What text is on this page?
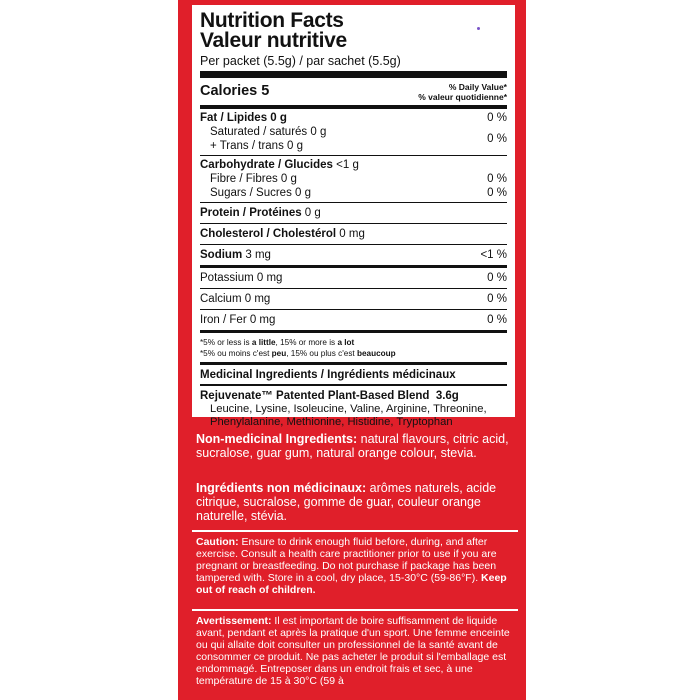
Nutrition Facts
Valeur nutritive
Per packet (5.5g) / par sachet (5.5g)
Calories 5	% Daily Value*
% valeur quotidienne*
Fat / Lipides 0 g	0 %
Saturated / saturés 0 g
+ Trans / trans 0 g
0 %
Carbohydrate / Glucides <1 g
Fibre / Fibres 0 g	0 %
Sugars / Sucres 0 g	0 %
Protein / Protéines 0 g
Cholesterol / Cholestérol 0 mg
Sodium 3 mg	<1 %
Potassium 0 mg	0 %
Calcium 0 mg	0 %
Iron / Fer 0 mg	0 %
*5% or less is a little, 15% or more is a lot
*5% ou moins c'est peu, 15% ou plus c'est beaucoup
Medicinal Ingredients / Ingrédients médicinaux
Rejuvenate™ Patented Plant-Based Blend 3.6g
Leucine, Lysine, Isoleucine, Valine, Arginine, Threonine,
Phenylalanine, Methionine, Histidine, Tryptophan
Non-medicinal Ingredients: natural flavours, citric acid, sucralose, guar gum, natural orange colour, stevia.
Ingrédients non médicinaux: arômes naturels, acide citrique, sucralose, gomme de guar, couleur orange naturelle, stévia.
Caution: Ensure to drink enough fluid before, during, and after exercise. Consult a health care practitioner prior to use if you are pregnant or breastfeeding. Do not purchase if package has been tampered with. Store in a cool, dry place, 15-30°C (59-86°F). Keep out of reach of children.
Avertissement: Il est important de boire suffisamment de liquide avant, pendant et après la pratique d'un sport. Une femme enceinte ou qui allaite doit consulter un professionnel de la santé avant de consommer ce produit. Ne pas acheter le produit si l'emballage est endommagé. Entreposer dans un endroit frais et sec, à une température de 15 à 30°C (59 à
